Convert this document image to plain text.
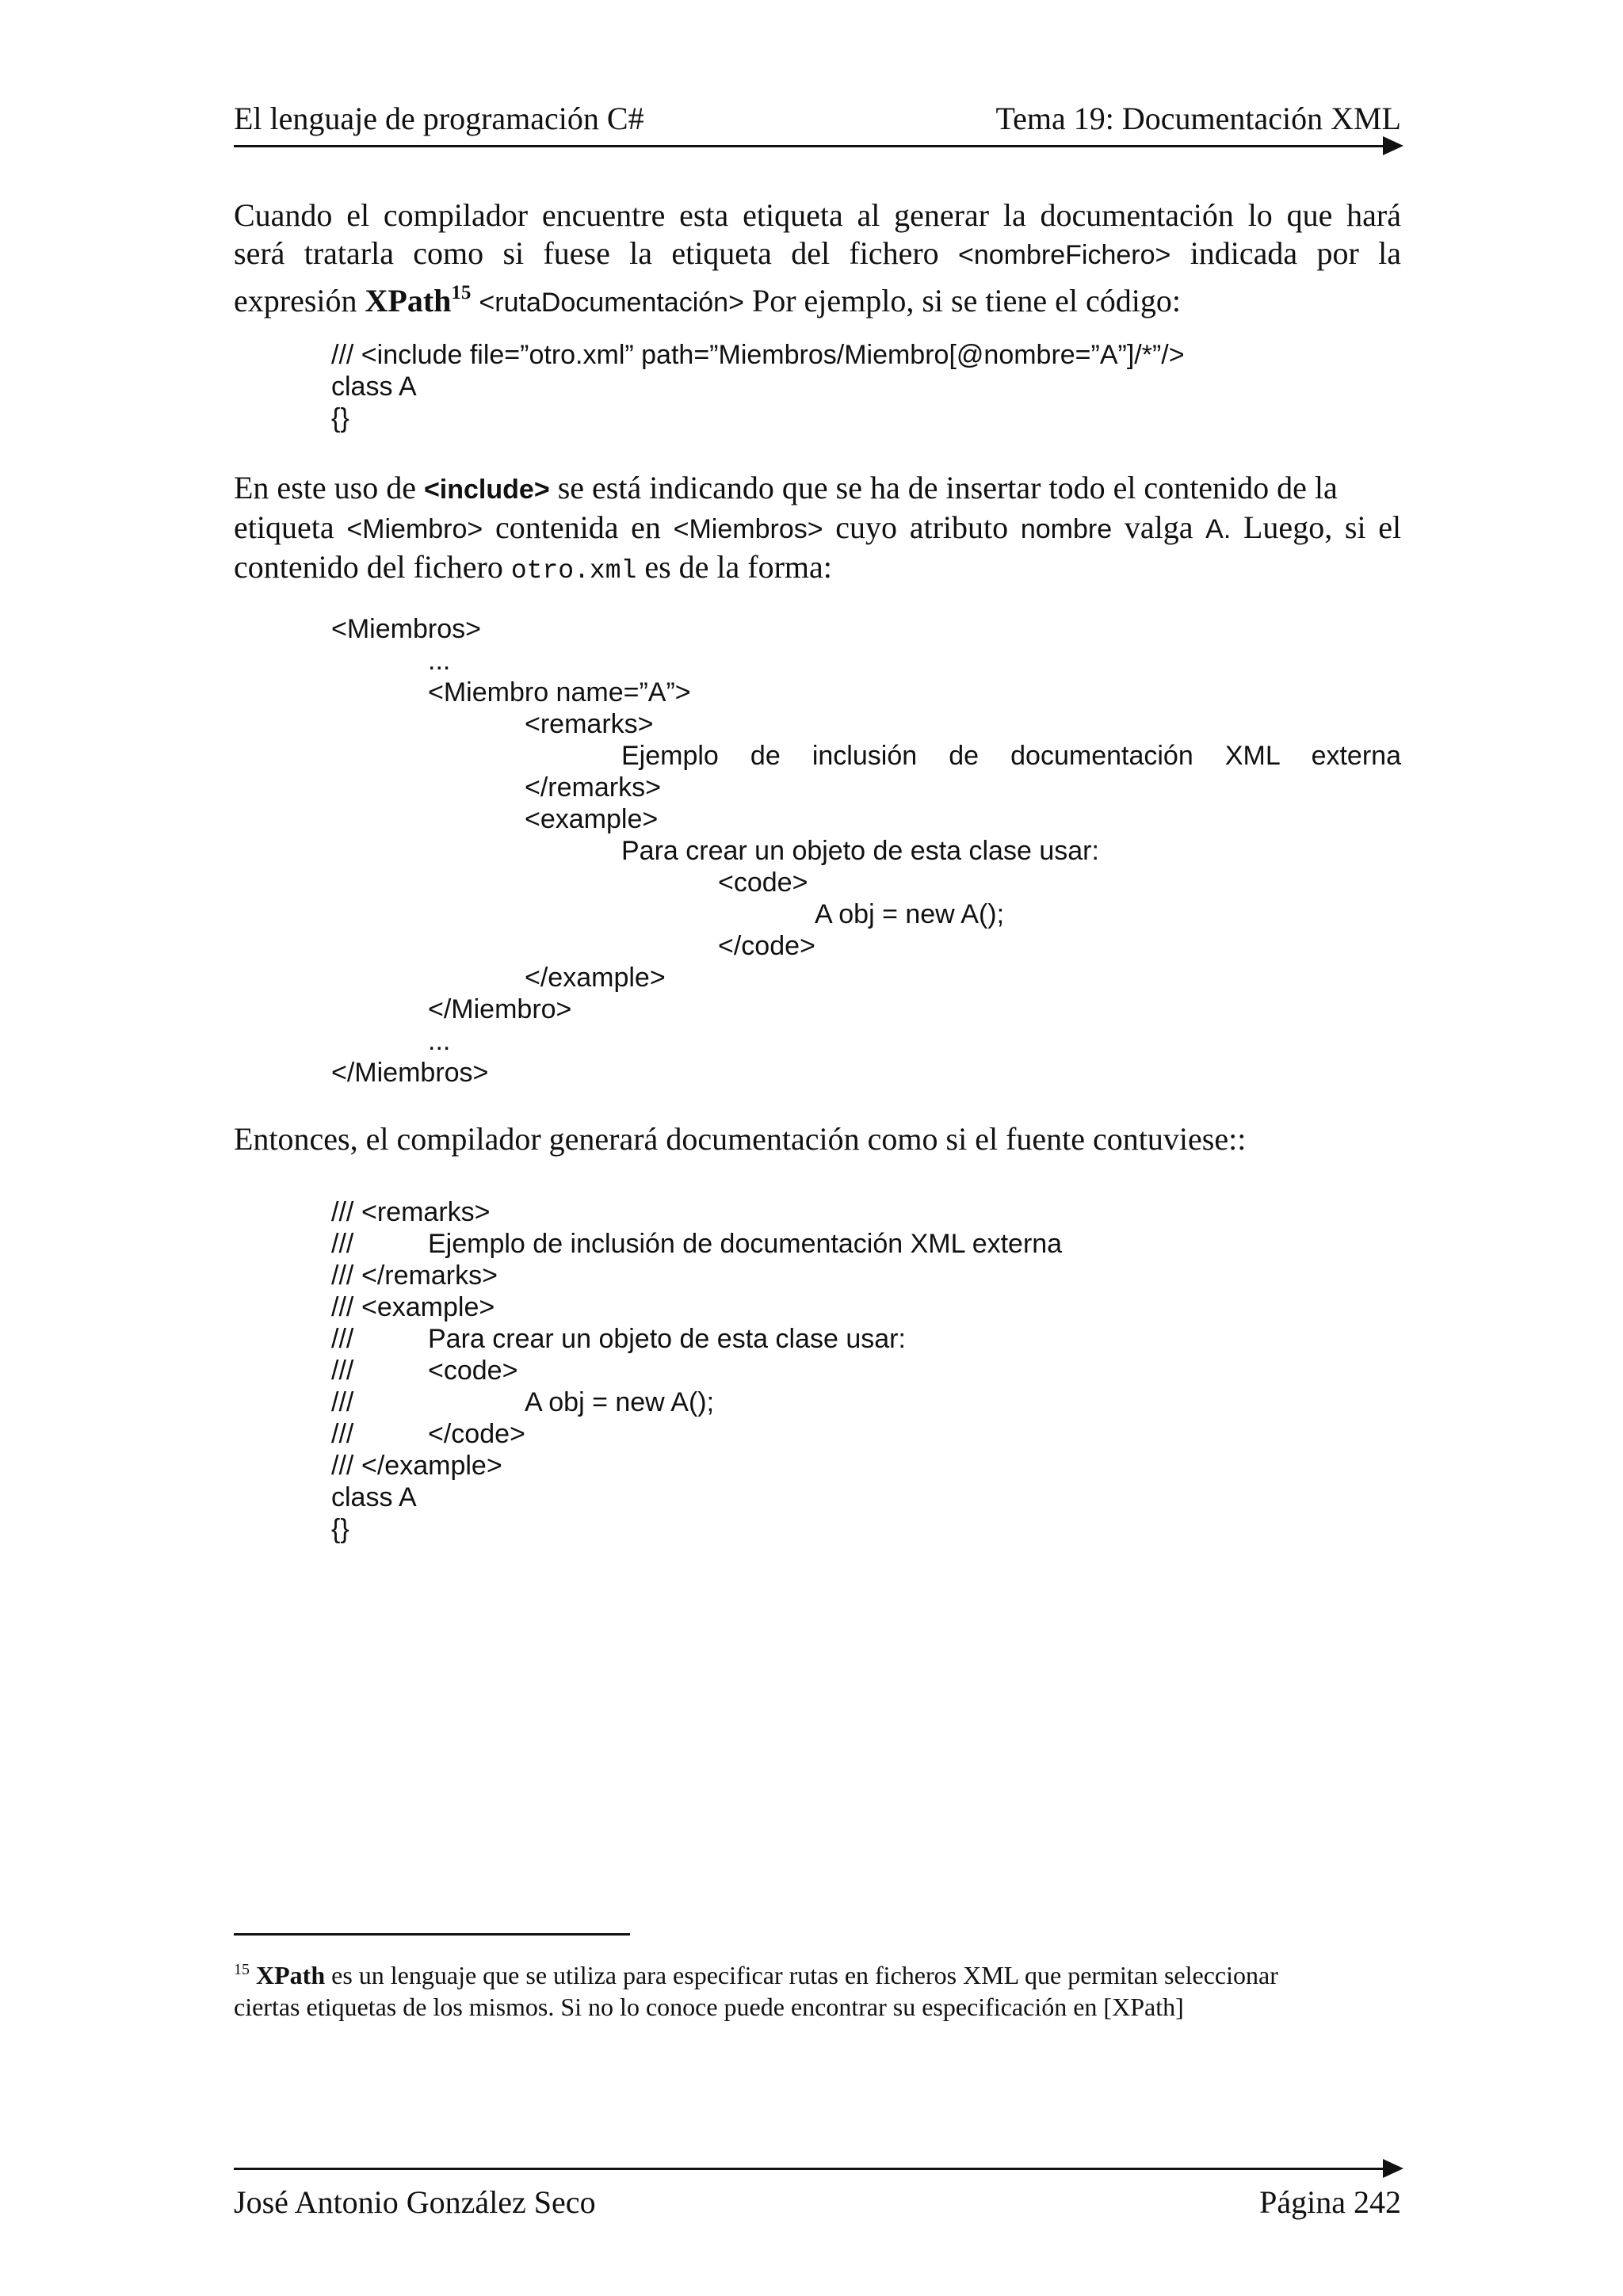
El lenguaje de programación C#	Tema 19: Documentación XML
Cuando el compilador encuentre esta etiqueta al generar la documentación lo que hará
será tratarla como si fuese la etiqueta del fichero <nombreFichero> indicada por la
expresión XPath$^{15}$ <rutaDocumentación> Por ejemplo, si se tiene el código:
/// <include file=”otro.xml” path=”Miembros/Miembro[@nombre=”A”]/*”/>
class A
{}
En este uso de <include> se está indicando que se ha de insertar todo el contenido de la
etiqueta <Miembro> contenida en <Miembros> cuyo atributo nombre valga A. Luego, si el
contenido del fichero otro.xml es de la forma:
<Miembros>
...
<Miembro name=”A”>
<remarks>
Ejemplo de inclusión de documentación XML externa
</remarks>
<example>
Para crear un objeto de esta clase usar:
<code>
A obj = new A();
</code>
</example>
</Miembro>
...
</Miembros>
Entonces, el compilador generará documentación como si el fuente contuviese::
/// <remarks>
///	Ejemplo de inclusión de documentación XML externa
/// </remarks>
/// <example>
///	Para crear un objeto de esta clase usar:
///	<code>
///	A obj = new A();
///	</code>
/// </example>
class A
{}
$^{15}$ XPath es un lenguaje que se utiliza para especificar rutas en ficheros XML que permitan seleccionar
ciertas etiquetas de los mismos. Si no lo conoce puede encontrar su especificación en [XPath]
José Antonio González Seco	Página 242
